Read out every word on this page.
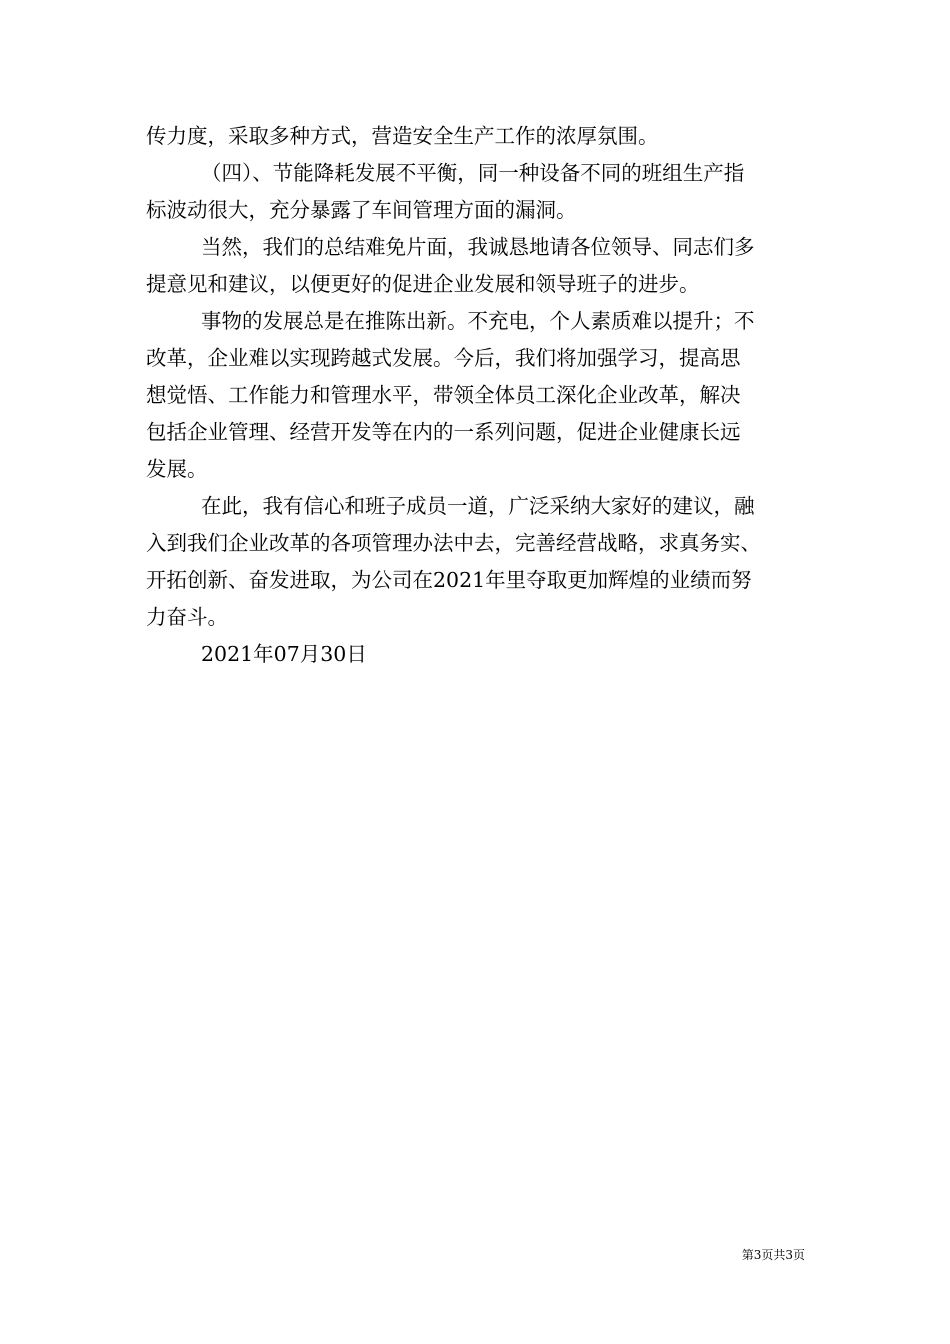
传力度，采取多种方式，营造安全生产工作的浓厚氛围。
（四）、节能降耗发展不平衡，同一种设备不同的班组生产指
标波动很大，充分暴露了车间管理方面的漏洞。
当然，我们的总结难免片面，我诚恳地请各位领导、同志们多
提意见和建议，以便更好的促进企业发展和领导班子的进步。
事物的发展总是在推陈出新。不充电，个人素质难以提升；不
改革，企业难以实现跨越式发展。今后，我们将加强学习，提高思
想觉悟、工作能力和管理水平，带领全体员工深化企业改革，解决
包括企业管理、经营开发等在内的一系列问题，促进企业健康长远
发展。
在此，我有信心和班子成员一道，广泛采纳大家好的建议，融
入到我们企业改革的各项管理办法中去，完善经营战略，求真务实、
开拓创新、奋发进取，为公司在2021年里夺取更加辉煌的业绩而努
力奋斗。
2021年07月30日
第3页共3页
